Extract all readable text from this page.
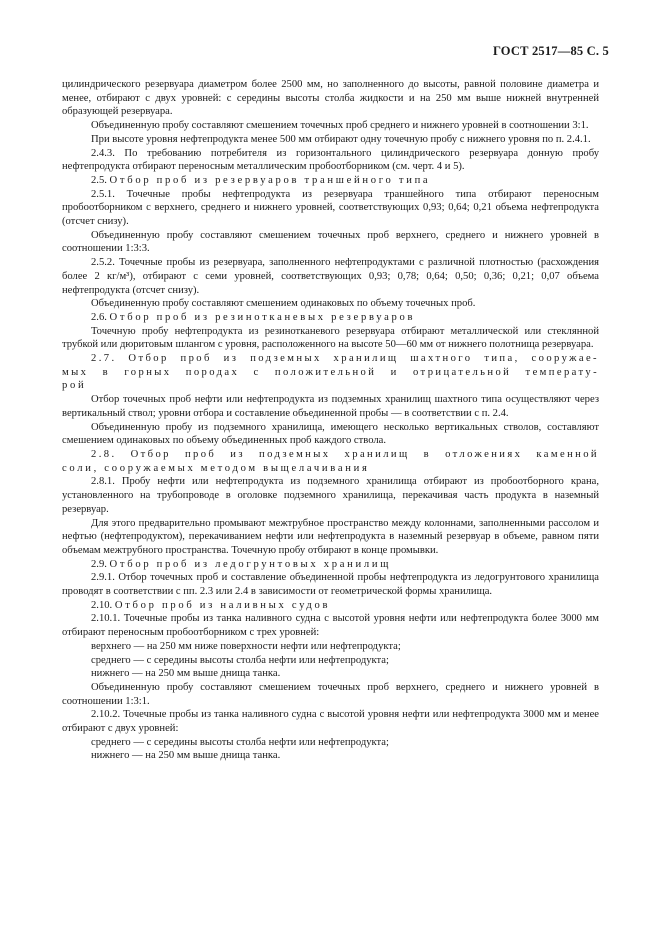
ГОСТ 2517—85 С. 5

цилиндрического резервуара диаметром более 2500 мм, но заполненного до высоты, равной половине диаметра и менее, отбирают с двух уровней: с середины высоты столба жидкости и на 250 мм выше нижней внутренней образующей резервуара.

Объединенную пробу составляют смешением точечных проб среднего и нижнего уровней в соотношении 3:1.

При высоте уровня нефтепродукта менее 500 мм отбирают одну точечную пробу с нижнего уровня по п. 2.4.1.

2.4.3. По требованию потребителя из горизонтального цилиндрического резервуара донную пробу нефтепродукта отбирают переносным металлическим пробоотборником (см. черт. 4 и 5).

2.5. Отбор проб из резервуаров траншейного типа

2.5.1. Точечные пробы нефтепродукта из резервуара траншейного типа отбирают переносным пробоотборником с верхнего, среднего и нижнего уровней, соответствующих 0,93; 0,64; 0,21 объема нефтепродукта (отсчет снизу).

Объединенную пробу составляют смешением точечных проб верхнего, среднего и нижнего уровней в соотношении 1:3:3.

2.5.2. Точечные пробы из резервуара, заполненного нефтепродуктами с различной плотностью (расхождения более 2 кг/м³), отбирают с семи уровней, соответствующих 0,93; 0,78; 0,64; 0,50; 0,36; 0,21; 0,07 объема нефтепродукта (отсчет снизу).

Объединенную пробу составляют смешением одинаковых по объему точечных проб.

2.6. Отбор проб из резинотканевых резервуаров

Точечную пробу нефтепродукта из резинотканевого резервуара отбирают металлической или стеклянной трубкой или дюритовым шлангом с уровня, расположенного на высоте 50—60 мм от нижнего полотнища резервуара.

2.7. Отбор проб из подземных хранилищ шахтного типа, сооружае-

мых в горных породах с положительной и отрицательной температу-

рой

Отбор точечных проб нефти или нефтепродукта из подземных хранилищ шахтного типа осуществляют через вертикальный ствол; уровни отбора и составление объединенной пробы — в соответствии с п. 2.4.

Объединенную пробу из подземного хранилища, имеющего несколько вертикальных стволов, составляют смешением одинаковых по объему объединенных проб каждого ствола.

2.8. Отбор проб из подземных хранилищ в отложениях каменной

соли, сооружаемых методом выщелачивания

2.8.1. Пробу нефти или нефтепродукта из подземного хранилища отбирают из пробоотборного крана, установленного на трубопроводе в оголовке подземного хранилища, перекачивая часть продукта в наземный резервуар.

Для этого предварительно промывают межтрубное пространство между колоннами, заполненными рассолом и нефтью (нефтепродуктом), перекачиванием нефти или нефтепродукта в наземный резервуар в объеме, равном пяти объемам межтрубного пространства. Точечную пробу отбирают в конце промывки.

2.9. Отбор проб из ледогрунтовых хранилищ

2.9.1. Отбор точечных проб и составление объединенной пробы нефтепродукта из ледогрунтового хранилища проводят в соответствии с пп. 2.3 или 2.4 в зависимости от геометрической формы хранилища.

2.10. Отбор проб из наливных судов

2.10.1. Точечные пробы из танка наливного судна с высотой уровня нефти или нефтепродукта более 3000 мм отбирают переносным пробоотборником с трех уровней:

верхнего — на 250 мм ниже поверхности нефти или нефтепродукта;

среднего — с середины высоты столба нефти или нефтепродукта;

нижнего — на 250 мм выше днища танка.

Объединенную пробу составляют смешением точечных проб верхнего, среднего и нижнего уровней в соотношении 1:3:1.

2.10.2. Точечные пробы из танка наливного судна с высотой уровня нефти или нефтепродукта 3000 мм и менее отбирают с двух уровней:

среднего — с середины высоты столба нефти или нефтепродукта;

нижнего — на 250 мм выше днища танка.
